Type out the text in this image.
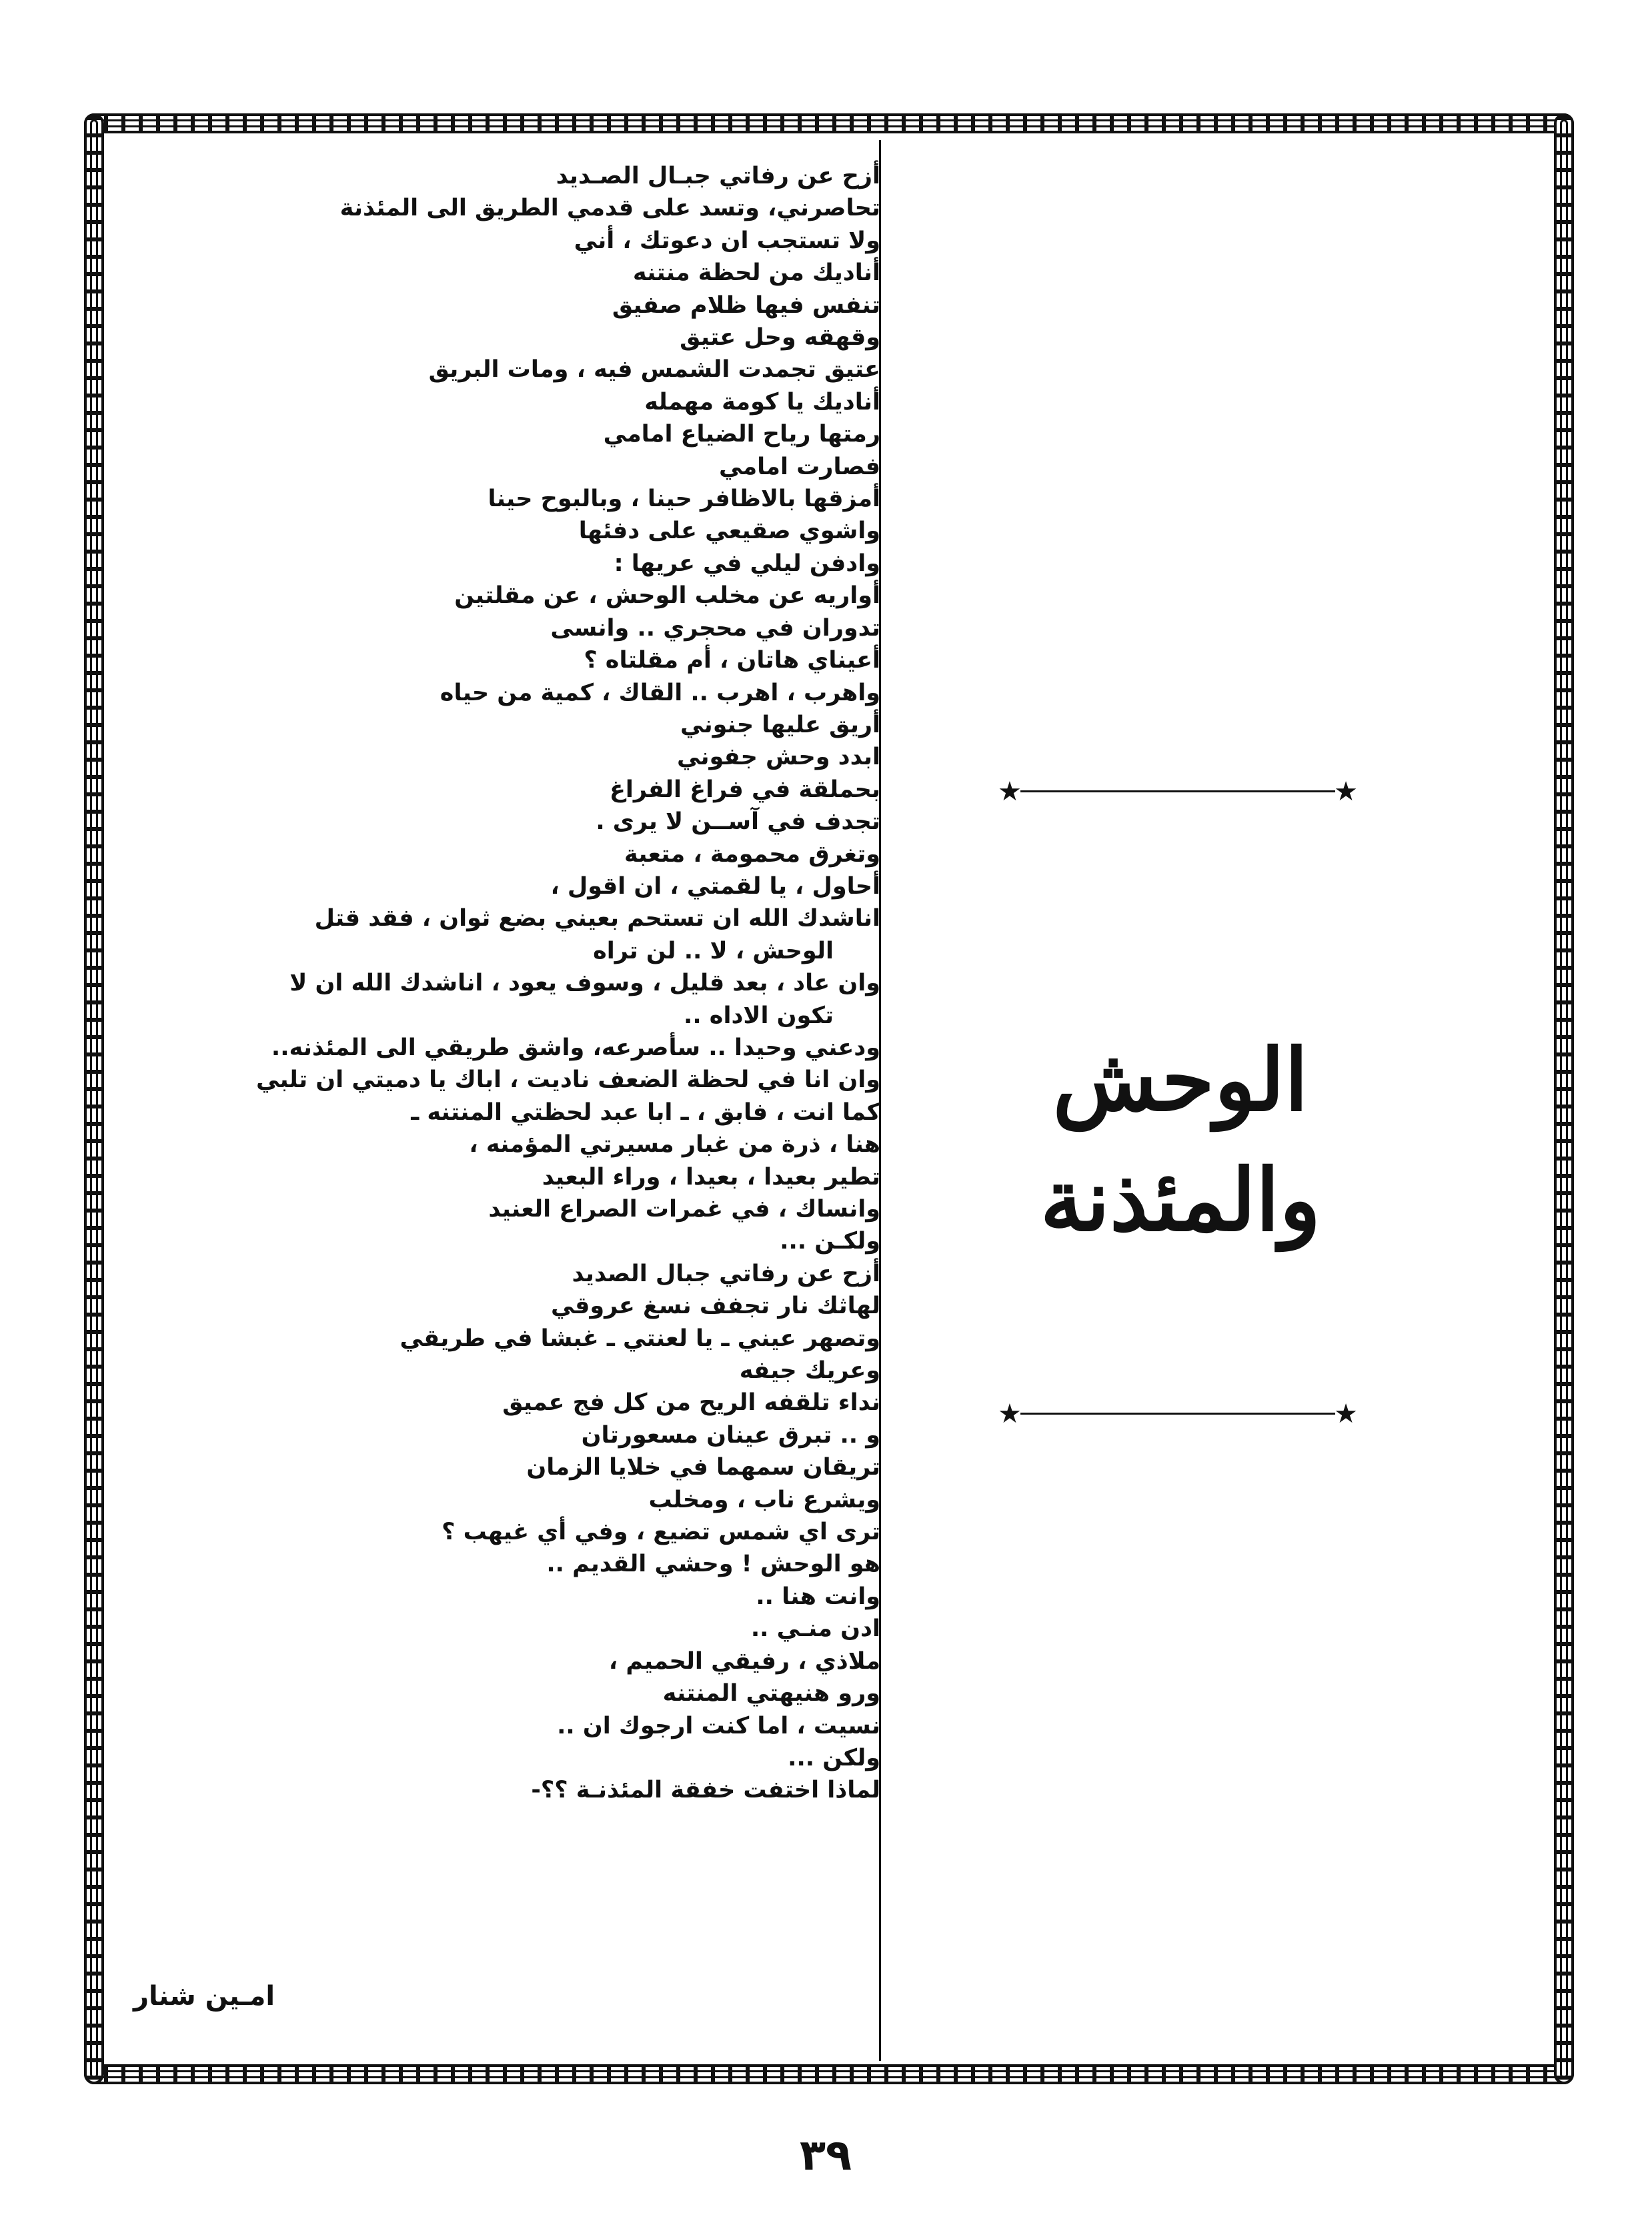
أزح عن رفاتي جبـال الصـديد
تحاصرني، وتسد على قدمي الطريق الى المئذنة
ولا تستجب ان دعوتك ، أني
أناديك من لحظة منتنه
تنفس فيها ظلام صفيق
وقهقه وحل عتيق
عتيق تجمدت الشمس فيه ، ومات البريق
أناديك يا كومة مهمله
رمتها رياح الضياع امامي
فصارت امامي
أمزقها بالاظافر حينا ، وبالبوح حينا
واشوي صقيعي على دفئها
وادفن ليلي في عريها :
أواريه عن مخلب الوحش ، عن مقلتين
تدوران في محجري .. وانسى
أعيناي هاتان ، أم مقلتاه ؟
واهرب ، اهرب .. القاك ، كمية من حياه
أريق عليها جنوني
ابدد وحش جفوني
بحملقة في فراغ الفراغ
تجدف في آســن لا يرى .
وتغرق محمومة ، متعبة
أحاول ، يا لقمتي ، ان اقول ،
اناشدك الله ان تستحم بعيني بضع ثوان ، فقد قتل
الوحش ، لا .. لن تراه
وان عاد ، بعد قليل ، وسوف يعود ، اناشدك الله ان لا
تكون الاداه ..
ودعني وحيدا .. سأصرعه، واشق طريقي الى المئذنه..
وان انا في لحظة الضعف ناديت ، اباك يا دميتي ان تلبي
كما انت ، فابق ، ـ ابا عبد لحظتي المنتنه ـ
هنا ، ذرة من غبار مسيرتي المؤمنه ،
تطير بعيدا ، بعيدا ، وراء البعيد
وانساك ، في غمرات الصراع العنيد
ولكـن ...
أزح عن رفاتي جبال الصديد
لهاثك نار تجفف نسغ عروقي
وتصهر عيني ـ يا لعنتي ـ غبشا في طريقي
وعريك جيفه
نداء تلقفه الريح من كل فج عميق
و .. تبرق عينان مسعورتان
تريقان سمهما في خلايا الزمان
ويشرع ناب ، ومخلب
ترى اي شمس تضيع ، وفي أي غيهب ؟
هو الوحش ! وحشي القديم ..
وانت هنا ..
ادن منـي ..
ملاذي ، رفيقي الحميم ،
ورو هنيهتي المنتنه
نسيت ، اما كنت ارجوك ان ..
ولكن ...
لماذا اختفت خفقة المئذنـة ؟؟-
امـين شنار
★	★
الوحش والمئذنة
★	★
٣٩
